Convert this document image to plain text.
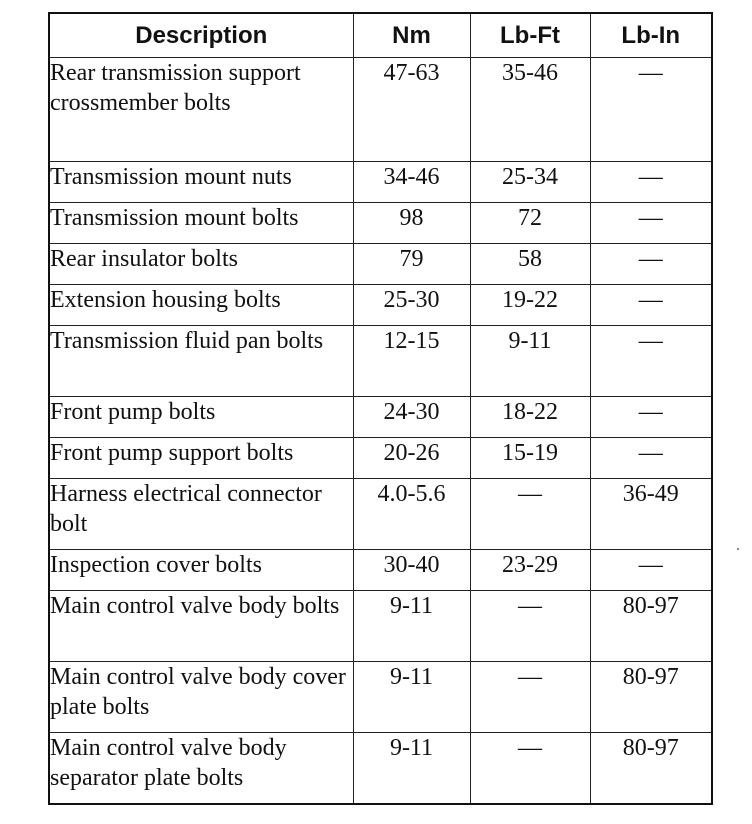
Description	Nm	Lb-Ft	Lb-In
Rear transmission support crossmember bolts	47-63	35-46	—
Transmission mount nuts	34-46	25-34	—
Transmission mount bolts	98	72	—
Rear insulator bolts	79	58	—
Extension housing bolts	25-30	19-22	—
Transmission fluid pan bolts	12-15	9-11	—
Front pump bolts	24-30	18-22	—
Front pump support bolts	20-26	15-19	—
Harness electrical connector bolt	4.0-5.6	—	36-49
Inspection cover bolts	30-40	23-29	—
Main control valve body bolts	9-11	—	80-97
Main control valve body cover plate bolts	9-11	—	80-97
Main control valve body separator plate bolts	9-11	—	80-97
